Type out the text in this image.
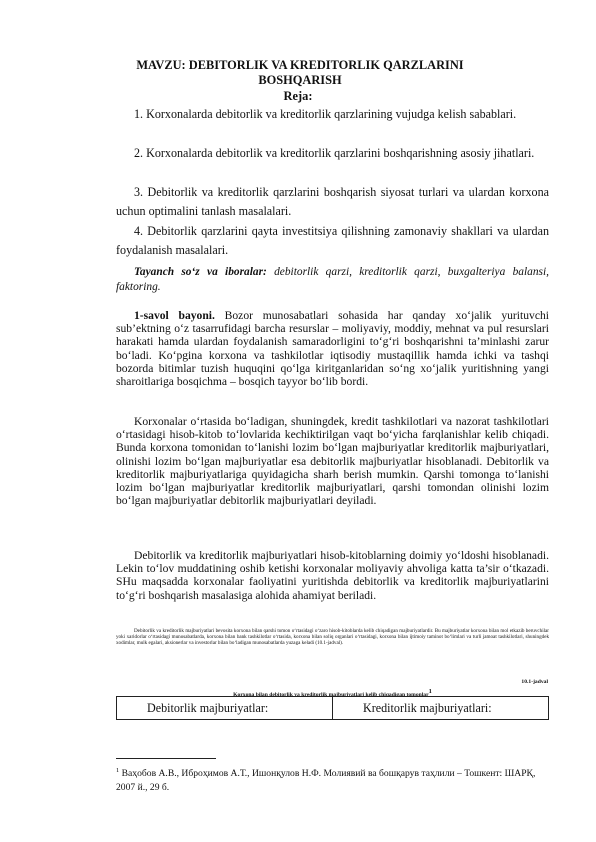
MAVZU: DEBITORLIK VA KREDITORLIK QARZLARINI BOSHQARISH
Reja:

1. Korxonalarda debitorlik va kreditorlik qarzlarining vujudga kelish sabablari.

2. Korxonalarda debitorlik va kreditorlik qarzlarini boshqarishning asosiy jihatlari.

3. Debitorlik va kreditorlik qarzlarini boshqarish siyosat turlari va ulardan korxona uchun optimalini tanlash masalalari.

4. Debitorlik qarzlarini qayta investitsiya qilishning zamonaviy shakllari va ulardan foydalanish masalalari.

Tayanch so‘z va iboralar: debitorlik qarzi, kreditorlik qarzi, buxgalteriya balansi, faktoring.

1-savol bayoni. Bozor munosabatlari sohasida har qanday xo‘jalik yurituvchi sub’ektning o‘z tasarrufidagi barcha resurslar – moliyaviy, moddiy, mehnat va pul resurslari harakati hamda ulardan foydalanish samaradorligini to‘g‘ri boshqarishni ta’minlashi zarur bo‘ladi. Ko‘pgina korxona va tashkilotlar iqtisodiy mustaqillik hamda ichki va tashqi bozorda bitimlar tuzish huquqini qo‘lga kiritganlaridan so‘ng xo‘jalik yuritishning yangi sharoitlariga bosqichma – bosqich tayyor bo‘lib bordi.

Korxonalar o‘rtasida bo‘ladigan, shuningdek, kredit tashkilotlari va nazorat tashkilotlari o‘rtasidagi hisob-kitob to‘lovlarida kechiktirilgan vaqt bo‘yicha farqlanishlar kelib chiqadi. Bunda korxona tomonidan to‘lanishi lozim bo‘lgan majburiyatlar kreditorlik majburiyatlari, olinishi lozim bo‘lgan majburiyatlar esa debitorlik majburiyatlar hisoblanadi. Debitorlik va kreditorlik majburiyatlariga quyidagicha sharh berish mumkin. Qarshi tomonga to‘lanishi lozim bo‘lgan majburiyatlar kreditorlik majburiyatlari, qarshi tomondan olinishi lozim bo‘lgan majburiyatlar debitorlik majburiyatlari deyiladi.

Debitorlik va kreditorlik majburiyatlari hisob-kitoblarning doimiy yo‘ldoshi hisoblanadi. Lekin to‘lov muddatining oshib ketishi korxonalar moliyaviy ahvoliga katta ta’sir o‘tkazadi. SHu maqsadda korxonalar faoliyatini yuritishda debitorlik va kreditorlik majburiyatlarini to‘g‘ri boshqarish masalasiga alohida ahamiyat beriladi.

Debitorlik va kreditorlik majburiyatlari bevosita korxona bilan qarshi tomon o‘rtasidagi o‘zaro hisob-kitoblarda kelib chiqadigan majburiyatlardir. Bu majburiyatlar korxona bilan mol etkazib beruvchilar yoki xaridorlar o‘rtasidagi munosabatlarda, korxona bilan bank tashkilotlar o‘rtasida, korxona bilan soliq organlari o‘rtasidagi, korxona bilan ijtimoiy taminot bo‘limlari va turli jamoat tashkilotlari, shuningdek xodimlar, mulk egalari, aksionerlar va investorlar bilan bo‘ladigan munosabatlarda yuzaga keladi (10.1-jadval).
10.1-jadval
Korxona bilan debitorlik va kreditorlik majburiyatlari kelib chiqadigan tomonlar$^1$
Debitorlik majburiyatlar:	Kreditorlik majburiyatlari:
$^1$ Ваҳобов А.В., Иброҳимов А.Т., Ишонқулов Н.Ф. Молиявий ва бошқарув таҳлили – Тошкент: ШАРҚ, 2007 й., 29 б.
